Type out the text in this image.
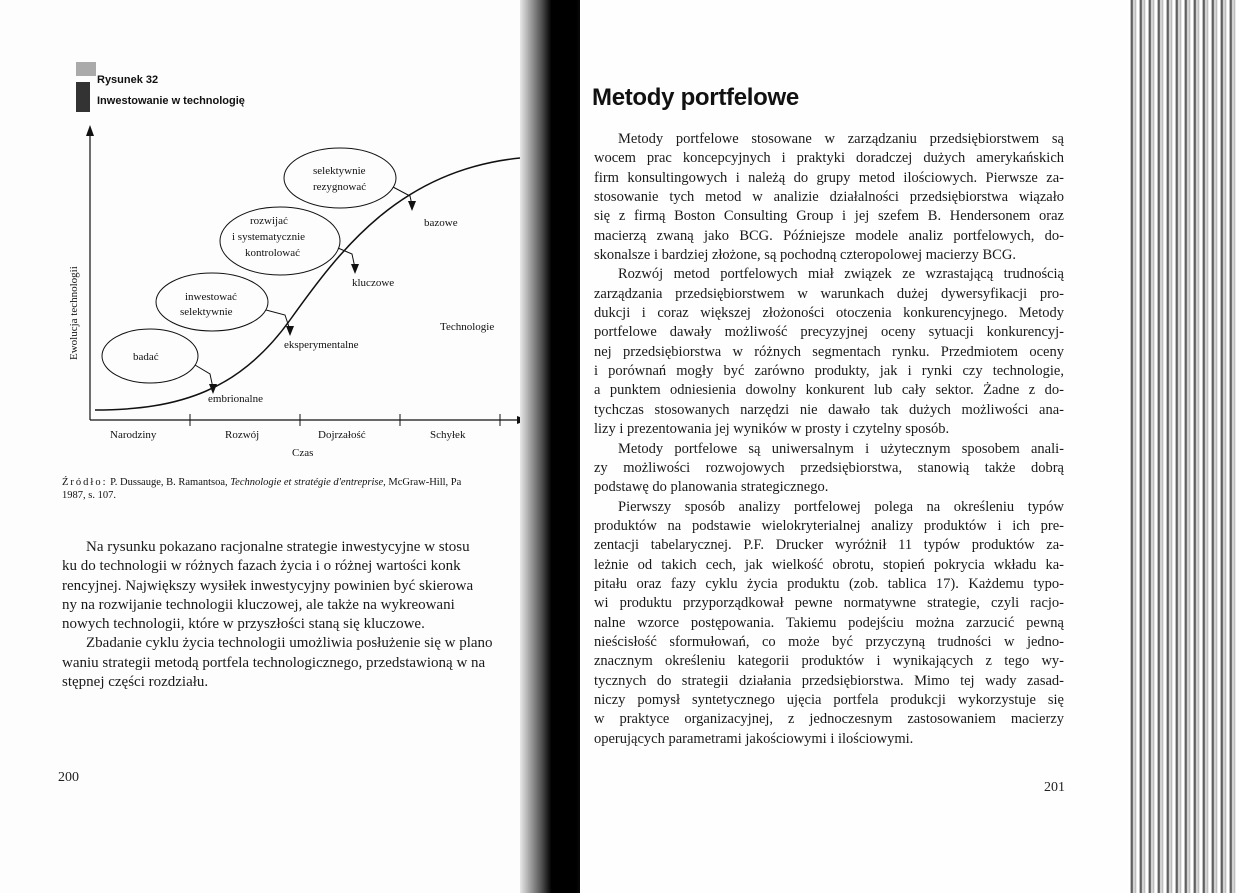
Rysunek 32
Inwestowanie w technologię
Ewolucja technologii
Czas
Narodziny	Rozwój	Dojrzałość	Schyłek
Technologie
badać
inwestować
selektywnie
rozwijać
i systematycznie
kontrolować
selektywnie
rezygnować
embrionalne
eksperymentalne
kluczowe
bazowe
Źródło: P. Dussauge, B. Ramantsoa, Technologie et stratégie d'entreprise, McGraw-Hill, Pa
1987, s. 107.
Na rysunku pokazano racjonalne strategie inwestycyjne w stosu
ku do technologii w różnych fazach życia i o różnej wartości konk
rencyjnej. Największy wysiłek inwestycyjny powinien być skierowa
ny na rozwijanie technologii kluczowej, ale także na wykreowani
nowych technologii, które w przyszłości staną się kluczowe.
Zbadanie cyklu życia technologii umożliwia posłużenie się w plano
waniu strategii metodą portfela technologicznego, przedstawioną w na
stępnej części rozdziału.
200
Metody portfelowe
Metody portfelowe stosowane w zarządzaniu przedsiębiorstwem są
wocem prac koncepcyjnych i praktyki doradczej dużych amerykańskich
firm konsultingowych i należą do grupy metod ilościowych. Pierwsze za-
stosowanie tych metod w analizie działalności przedsiębiorstwa wiązało
się z firmą Boston Consulting Group i jej szefem B. Hendersonem oraz
macierzą zwaną jako BCG. Późniejsze modele analiz portfelowych, do-
skonalsze i bardziej złożone, są pochodną czteropolowej macierzy BCG.
Rozwój metod portfelowych miał związek ze wzrastającą trudnością
zarządzania przedsiębiorstwem w warunkach dużej dywersyfikacji pro-
dukcji i coraz większej złożoności otoczenia konkurencyjnego. Metody
portfelowe dawały możliwość precyzyjnej oceny sytuacji konkurencyj-
nej przedsiębiorstwa w różnych segmentach rynku. Przedmiotem oceny
i porównań mogły być zarówno produkty, jak i rynki czy technologie,
a punktem odniesienia dowolny konkurent lub cały sektor. Żadne z do-
tychczas stosowanych narzędzi nie dawało tak dużych możliwości ana-
lizy i prezentowania jej wyników w prosty i czytelny sposób.
Metody portfelowe są uniwersalnym i użytecznym sposobem anali-
zy możliwości rozwojowych przedsiębiorstwa, stanowią także dobrą
podstawę do planowania strategicznego.
Pierwszy sposób analizy portfelowej polega na określeniu typów
produktów na podstawie wielokryterialnej analizy produktów i ich pre-
zentacji tabelarycznej. P.F. Drucker wyróżnił 11 typów produktów za-
leżnie od takich cech, jak wielkość obrotu, stopień pokrycia wkładu ka-
pitału oraz fazy cyklu życia produktu (zob. tablica 17). Każdemu typo-
wi produktu przyporządkował pewne normatywne strategie, czyli racjo-
nalne wzorce postępowania. Takiemu podejściu można zarzucić pewną
nieścisłość sformułowań, co może być przyczyną trudności w jedno-
znacznym określeniu kategorii produktów i wynikających z tego wy-
tycznych do strategii działania przedsiębiorstwa. Mimo tej wady zasad-
niczy pomysł syntetycznego ujęcia portfela produkcji wykorzystuje się
w praktyce organizacyjnej, z jednoczesnym zastosowaniem macierzy
operujących parametrami jakościowymi i ilościowymi.
201
